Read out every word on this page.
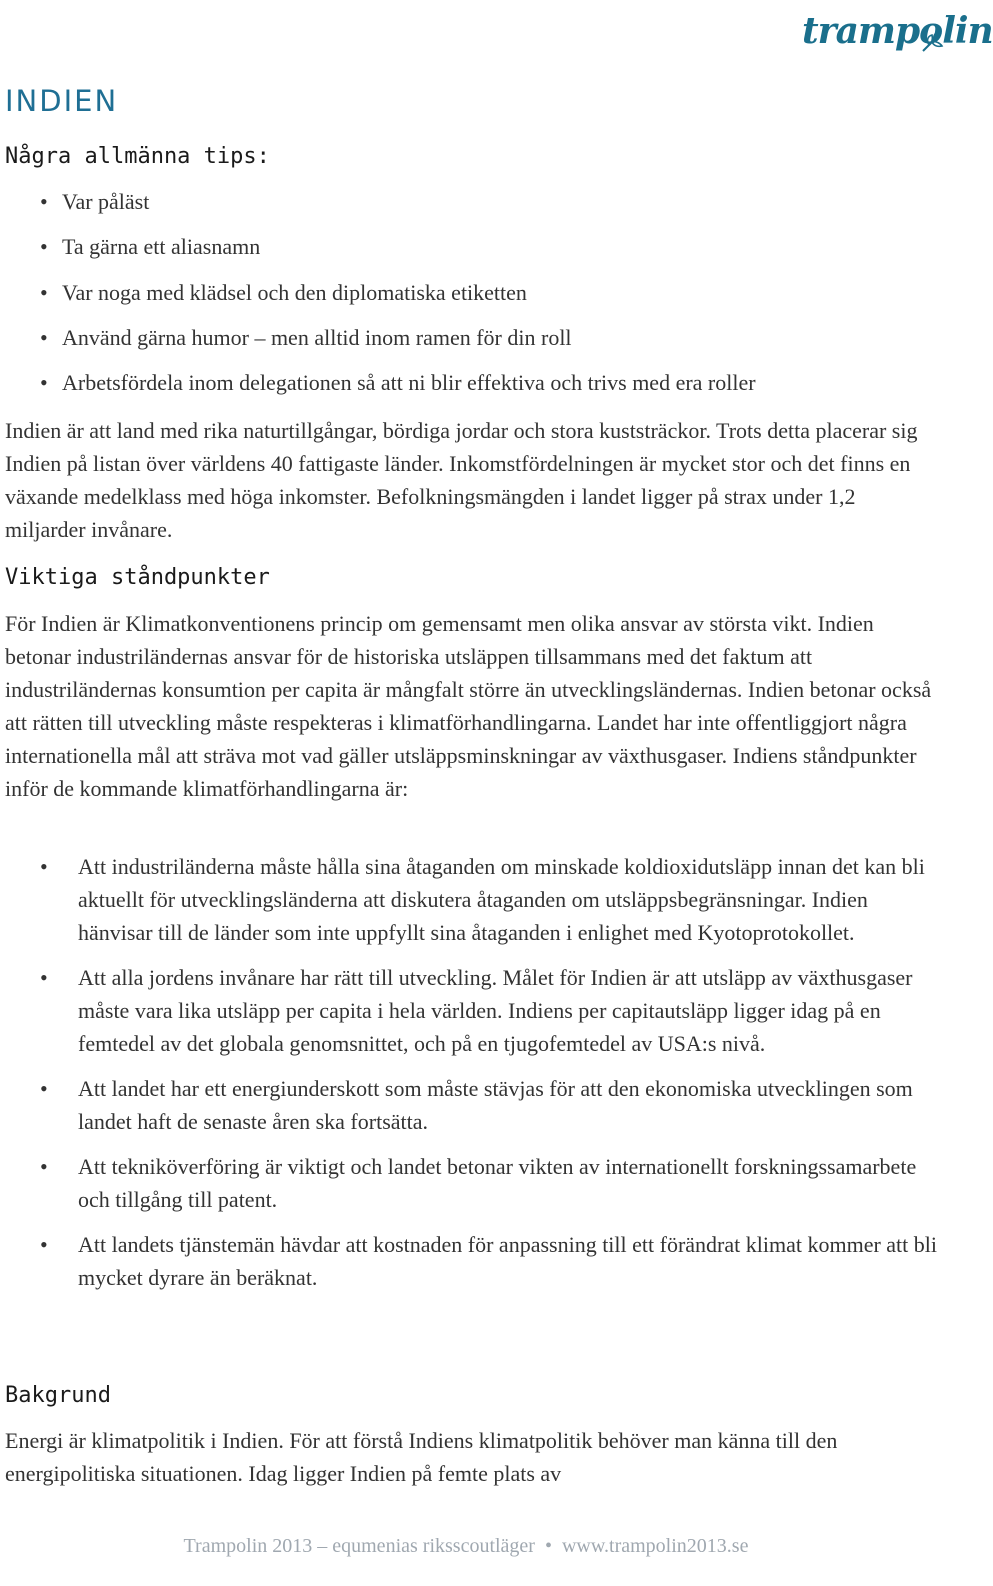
trampolin
INDIEN
Några allmänna tips:
• Var påläst
• Ta gärna ett aliasnamn
• Var noga med klädsel och den diplomatiska etiketten
• Använd gärna humor – men alltid inom ramen för din roll
• Arbetsfördela inom delegationen så att ni blir effektiva och trivs med era roller

Indien är att land med rika naturtillgångar, bördiga jordar och stora kuststräckor. Trots detta placerar sig Indien på listan över världens 40 fattigaste länder. Inkomstfördelningen är mycket stor och det finns en växande medelklass med höga inkomster. Befolkningsmängden i landet ligger på strax under 1,2 miljarder invånare.

Viktiga ståndpunkter

För Indien är Klimatkonventionens princip om gemensamt men olika ansvar av största vikt. Indien betonar industriländernas ansvar för de historiska utsläppen tillsammans med det faktum att industriländernas konsumtion per capita är mångfalt större än utvecklingsländernas. Indien betonar också att rätten till utveckling måste respekteras i klimatförhandlingarna. Landet har inte offentliggjort några internationella mål att sträva mot vad gäller utsläppsminskningar av växthusgaser. Indiens ståndpunkter inför de kommande klimatförhandlingarna är:

• Att industriländerna måste hålla sina åtaganden om minskade koldioxidutsläpp innan det kan bli aktuellt för utvecklingsländerna att diskutera åtaganden om utsläppsbegränsningar. Indien hänvisar till de länder som inte uppfyllt sina åtaganden i enlighet med Kyotoprotokollet.
• Att alla jordens invånare har rätt till utveckling. Målet för Indien är att utsläpp av växthusgaser måste vara lika utsläpp per capita i hela världen. Indiens per capitautsläpp ligger idag på en femtedel av det globala genomsnittet, och på en tjugofemtedel av USA:s nivå.
• Att landet har ett energiunderskott som måste stävjas för att den ekonomiska utvecklingen som landet haft de senaste åren ska fortsätta.
• Att tekniköverföring är viktigt och landet betonar vikten av internationellt forskningssamarbete och tillgång till patent.
• Att landets tjänstemän hävdar att kostnaden för anpassning till ett förändrat klimat kommer att bli mycket dyrare än beräknat.
Bakgrund

Energi är klimatpolitik i Indien. För att förstå Indiens klimatpolitik behöver man känna till den energipolitiska situationen. Idag ligger Indien på femte plats av

Trampolin 2013 – equmenias riksscoutläger • www.trampolin2013.se
